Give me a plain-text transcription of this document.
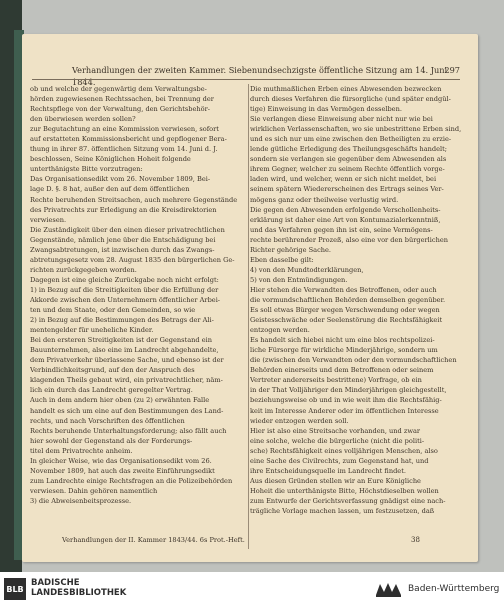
Verhandlungen der zweiten Kammer. Siebenundsechzigste öffentliche Sitzung am 14. Juni 1844.
297

ob und welche der gegenwärtig dem Verwaltungsbe-

hörden zugewiesenen Rechtssachen, bei Trennung der

Rechtspflege von der Verwaltung, den Gerichtsbehör-

den überwiesen werden sollen?

zur Begutachtung an eine Kommission verwiesen, sofort

auf erstatteten Kommissionsbericht und gepflogener Bera-

thung in ihrer 87. öffentlichen Sitzung vom 14. Juni d. J.

beschlossen, Seine Königlichen Hoheit folgende

unterthänigste Bitte vorzutragen:

Das Organisationsedikt vom 26. November 1809, Bei-

lage D. §. 8 hat, außer den auf dem öffentlichen

Rechte beruhenden Streitsachen, auch mehrere Gegenstände

des Privatrechts zur Erledigung an die Kreisdirektorien

verwiesen.

Die Zuständigkeit über den einen dieser privatrechtlichen

Gegenstände, nämlich jene über die Entschädigung bei

Zwangsabtretungen, ist inzwischen durch das Zwangs-

abtretungsgesetz vom 28. August 1835 den bürgerlichen Ge-

richten zurückgegeben worden.

Dagegen ist eine gleiche Zurückgabe noch nicht erfolgt:

1) in Bezug auf die Streitigkeiten über die Erfüllung der

Akkorde zwischen den Unternehmern öffentlicher Arbei-

ten und dem Staate, oder den Gemeinden, so wie

2) in Bezug auf die Bestimmungen des Betrags der Ali-

mentengelder für uneheliche Kinder.

Bei den ersteren Streitigkeiten ist der Gegenstand ein

Bauunternehmen, also eine im Landrecht abgehandelte,

dem Privatverkehr überlassene Sache, und ebenso ist der

Verbindlichkeitsgrund, auf den der Anspruch des

klagenden Theils gebaut wird, ein privatrechtlicher, näm-

lich ein durch das Landrecht geregelter Vertrag.

Auch in dem andern hier oben (zu 2) erwähnten Falle

handelt es sich um eine auf den Bestimmungen des Land-

rechts, und nach Vorschriften des öffentlichen

Rechts beruhende Unterhaltungsforderung; also fällt auch

hier sowohl der Gegenstand als der Forderungs-

titel dem Privatrechte anheim.

In gleicher Weise, wie das Organisationsedikt vom 26.

November 1809, hat auch das zweite Einführungsedikt

zum Landrechte einige Rechtsfragen an die Polizeibehörden

verwiesen. Dahin gehören namentlich

3) die Abweisenbeitsprozesse.

Die muthmaßlichen Erben eines Abwesenden bezwecken

durch dieses Verfahren die fürsorgliche (und später endgül-

tige) Einweisung in das Vermögen desselben.

Sie verlangen diese Einweisung aber nicht nur wie bei

wirklichen Verlassenschaften, wo sie unbestrittene Erben sind,

und es sich nur um eine zwischen den Betheiligten zu erzie-

lende gütliche Erledigung des Theilungsgeschäfts handelt;

sondern sie verlangen sie gegenüber dem Abwesenden als

ihrem Gegner, welcher zu seinem Rechte öffentlich vorge-

laden wird, und welcher, wenn er sich nicht meldet, bei

seinem spätern Wiedererscheinen des Ertrags seines Ver-

mögens ganz oder theilweise verlustig wird.

Die gegen den Abwesenden erfolgende Verschollenheits-

erklärung ist daher eine Art von Kontumazialerkenntniß,

und das Verfahren gegen ihn ist ein, seine Vermögens-

rechte berührender Prozeß, also eine vor den bürgerlichen

Richter gehörige Sache.

Eben dasselbe gilt:

4) von den Mundtodterklärungen,

5) von den Entmündigungen.

Hier stehen die Verwandten des Betroffenen, oder auch

die vormundschaftlichen Behörden demselben gegenüber.

Es soll etwas Bürger wegen Verschwendung oder wegen

Geistesschwäche oder Seelenstörung die Rechtsfähigkeit

entzogen werden.

Es handelt sich hiebei nicht um eine blos rechtspolizei-

liche Fürsorge für wirkliche Minderjährige, sondern um

die (zwischen den Verwandten oder den vormundschaftlichen

Behörden einerseits und dem Betroffenen oder seinem

Vertreter andererseits bestrittene) Vorfrage, ob ein

in der That Volljähriger den Minderjährigen gleichgestellt,

beziehungsweise ob und in wie weit ihm die Rechtsfähig-

keit im Interesse Anderer oder im öffentlichen Interesse

wieder entzogen werden soll.

Hier ist also eine Streitsache vorhanden, und zwar

eine solche, welche die bürgerliche (nicht die politi-

sche) Rechtsfähigkeit eines volljährigen Menschen, also

eine Sache des Civilrechts, zum Gegenstand hat, und

ihre Entscheidungsquelle im Landrecht findet.

Aus diesen Gründen stellen wir an Eure Königliche

Hoheit die unterthänigste Bitte, Höchstdieselben wollen

zum Entwurfe der Gerichtsverfassung gnädigst eine nach-

trägliche Vorlage machen lassen, um festzusetzen, daß

Verhandlungen der II. Kammer 1843/44. 6s Prot.-Heft.	38
BLB
BADISCHE
LANDESBIBLIOTHEK	Baden-Württemberg
